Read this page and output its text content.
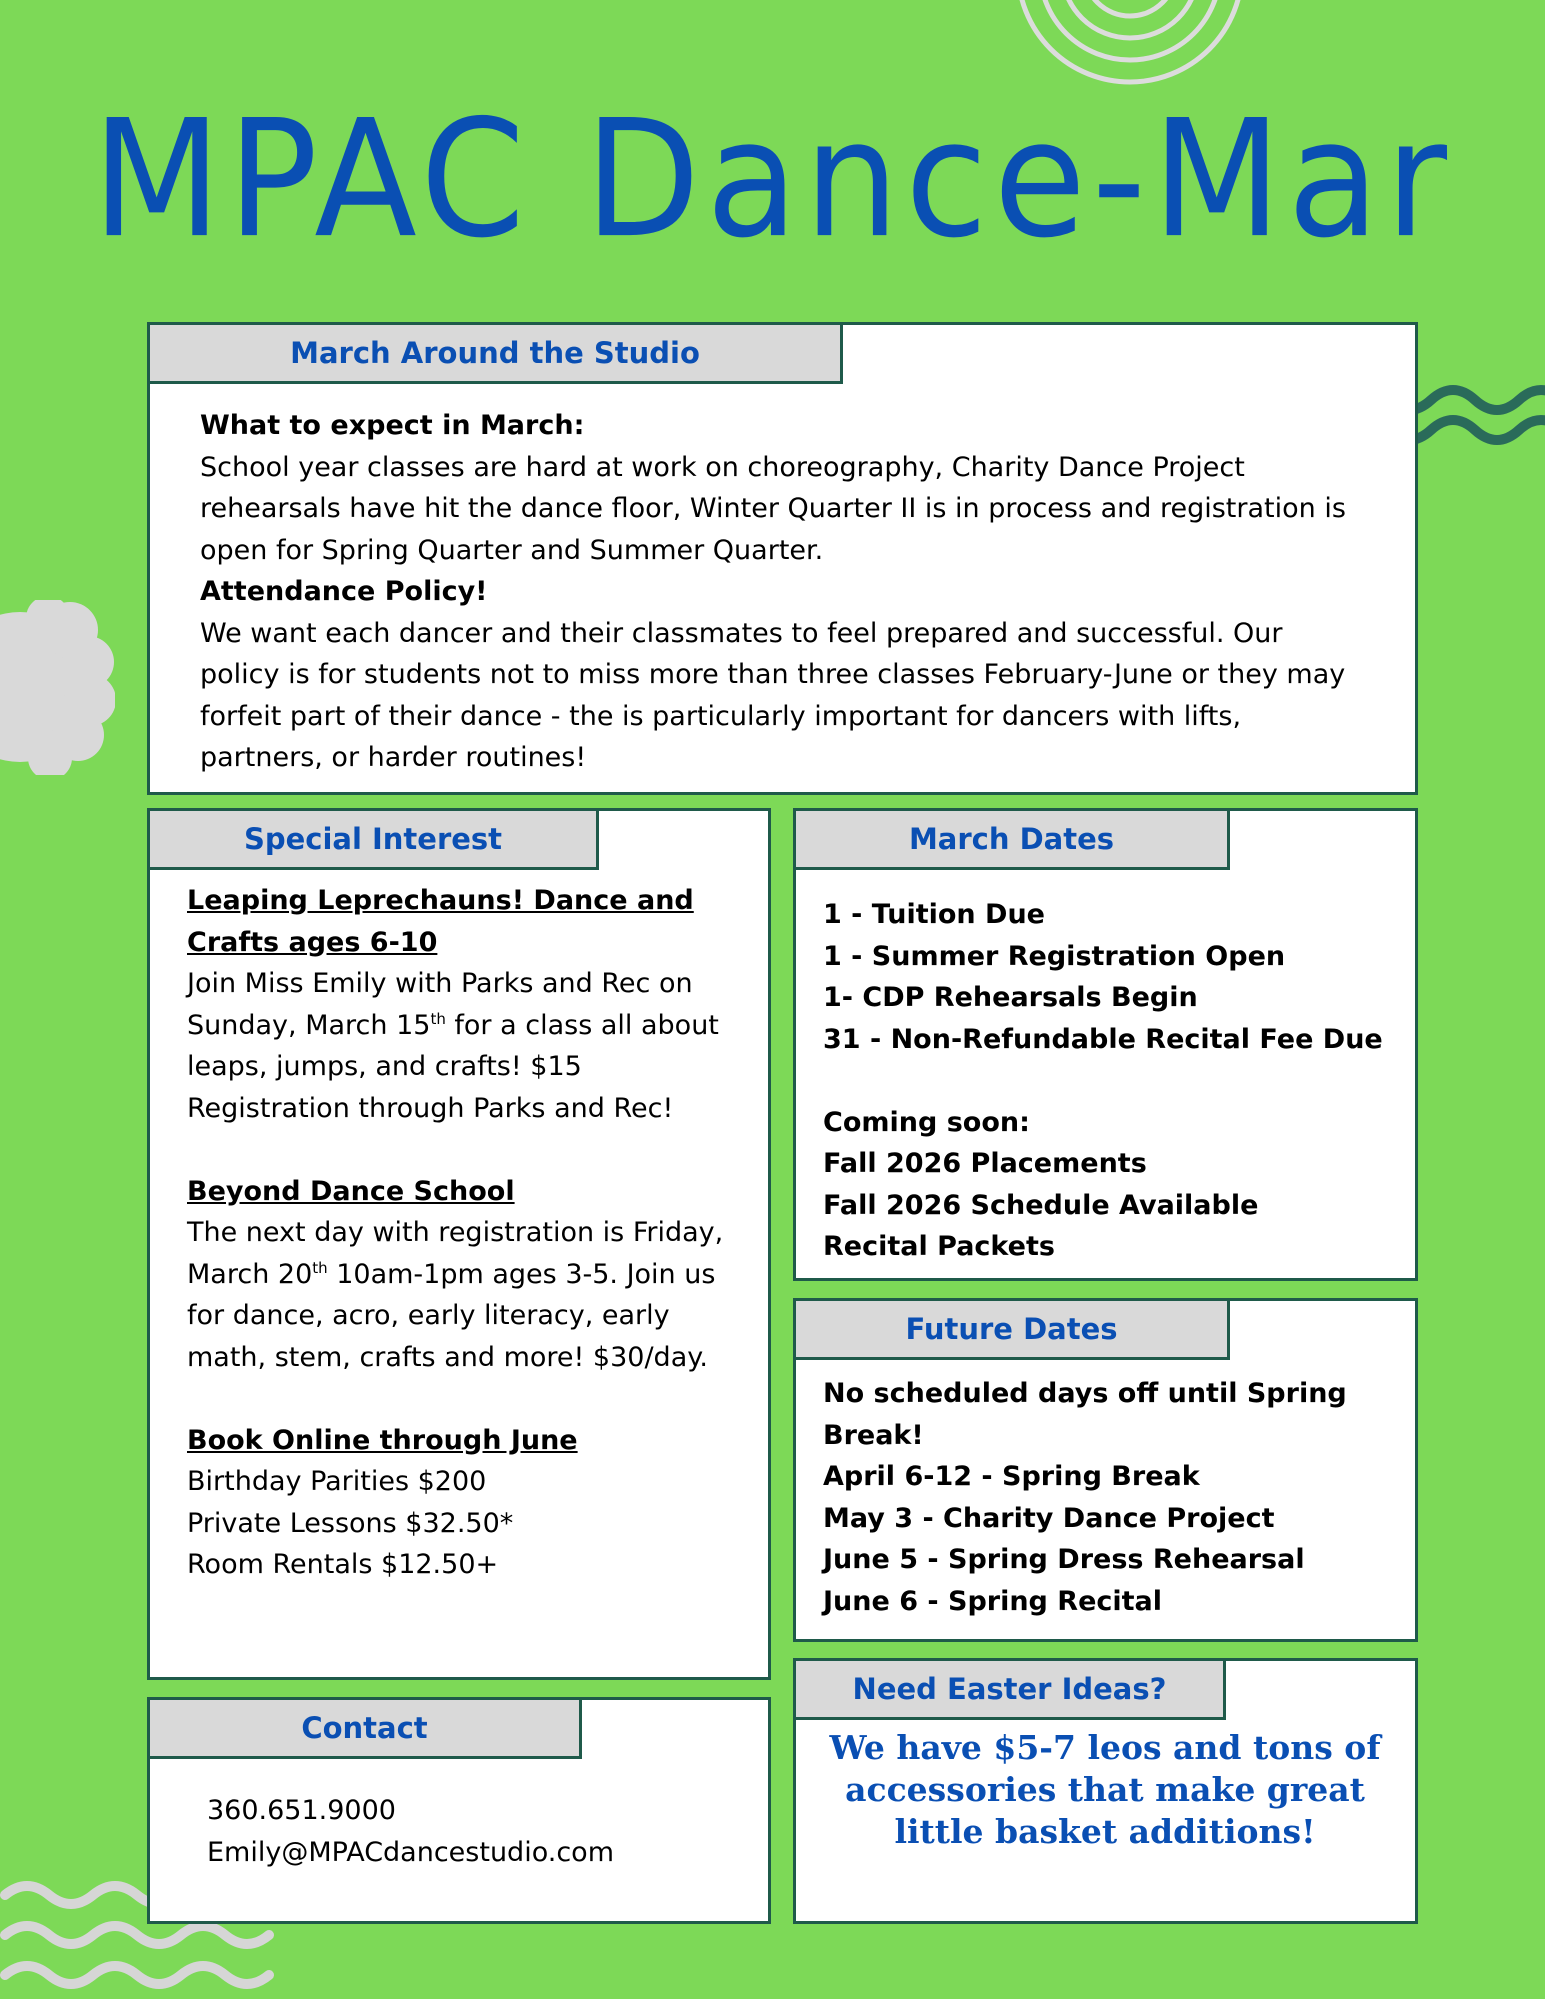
MPAC Dance-Mar
March Around the Studio

What to expect in March:

School year classes are hard at work on choreography, Charity Dance Project rehearsals have hit the dance floor, Winter Quarter II is in process and registration is open for Spring Quarter and Summer Quarter.

Attendance Policy!

We want each dancer and their classmates to feel prepared and successful. Our policy is for students not to miss more than three classes February-June or they may forfeit part of their dance - the is particularly important for dancers with lifts, partners, or harder routines!

Special Interest

Leaping Leprechauns! Dance and Crafts ages 6-10

Join Miss Emily with Parks and Rec on Sunday, March 15th for a class all about leaps, jumps, and crafts! $15 Registration through Parks and Rec!

Beyond Dance School

The next day with registration is Friday, March 20th 10am-1pm ages 3-5. Join us for dance, acro, early literacy, early math, stem, crafts and more! $30/day.

Book Online through June

Birthday Parities $200

Private Lessons $32.50*

Room Rentals $12.50+

March Dates

1 - Tuition Due

1 - Summer Registration Open

1- CDP Rehearsals Begin

31 - Non-Refundable Recital Fee Due

Coming soon:

Fall 2026 Placements

Fall 2026 Schedule Available

Recital Packets

Future Dates

No scheduled days off until Spring Break!

April 6-12 - Spring Break

May 3 - Charity Dance Project

June 5 - Spring Dress Rehearsal

June 6 - Spring Recital

Need Easter Ideas?
We have $5-7 leos and tons of accessories that make great little basket additions!
Contact

360.651.9000

Emily@MPACdancestudio.com
